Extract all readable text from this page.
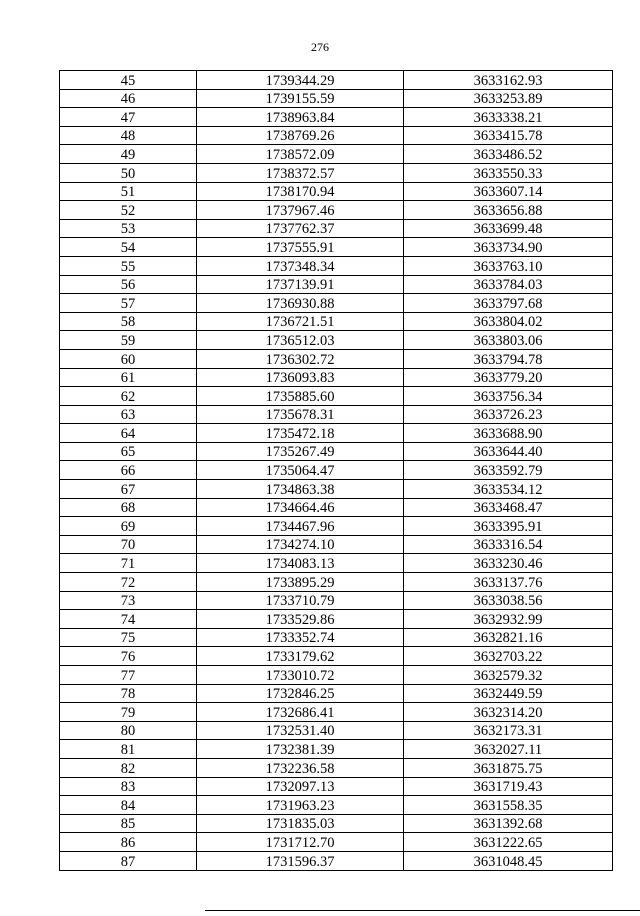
276
45	1739344.29	3633162.93
46	1739155.59	3633253.89
47	1738963.84	3633338.21
48	1738769.26	3633415.78
49	1738572.09	3633486.52
50	1738372.57	3633550.33
51	1738170.94	3633607.14
52	1737967.46	3633656.88
53	1737762.37	3633699.48
54	1737555.91	3633734.90
55	1737348.34	3633763.10
56	1737139.91	3633784.03
57	1736930.88	3633797.68
58	1736721.51	3633804.02
59	1736512.03	3633803.06
60	1736302.72	3633794.78
61	1736093.83	3633779.20
62	1735885.60	3633756.34
63	1735678.31	3633726.23
64	1735472.18	3633688.90
65	1735267.49	3633644.40
66	1735064.47	3633592.79
67	1734863.38	3633534.12
68	1734664.46	3633468.47
69	1734467.96	3633395.91
70	1734274.10	3633316.54
71	1734083.13	3633230.46
72	1733895.29	3633137.76
73	1733710.79	3633038.56
74	1733529.86	3632932.99
75	1733352.74	3632821.16
76	1733179.62	3632703.22
77	1733010.72	3632579.32
78	1732846.25	3632449.59
79	1732686.41	3632314.20
80	1732531.40	3632173.31
81	1732381.39	3632027.11
82	1732236.58	3631875.75
83	1732097.13	3631719.43
84	1731963.23	3631558.35
85	1731835.03	3631392.68
86	1731712.70	3631222.65
87	1731596.37	3631048.45
